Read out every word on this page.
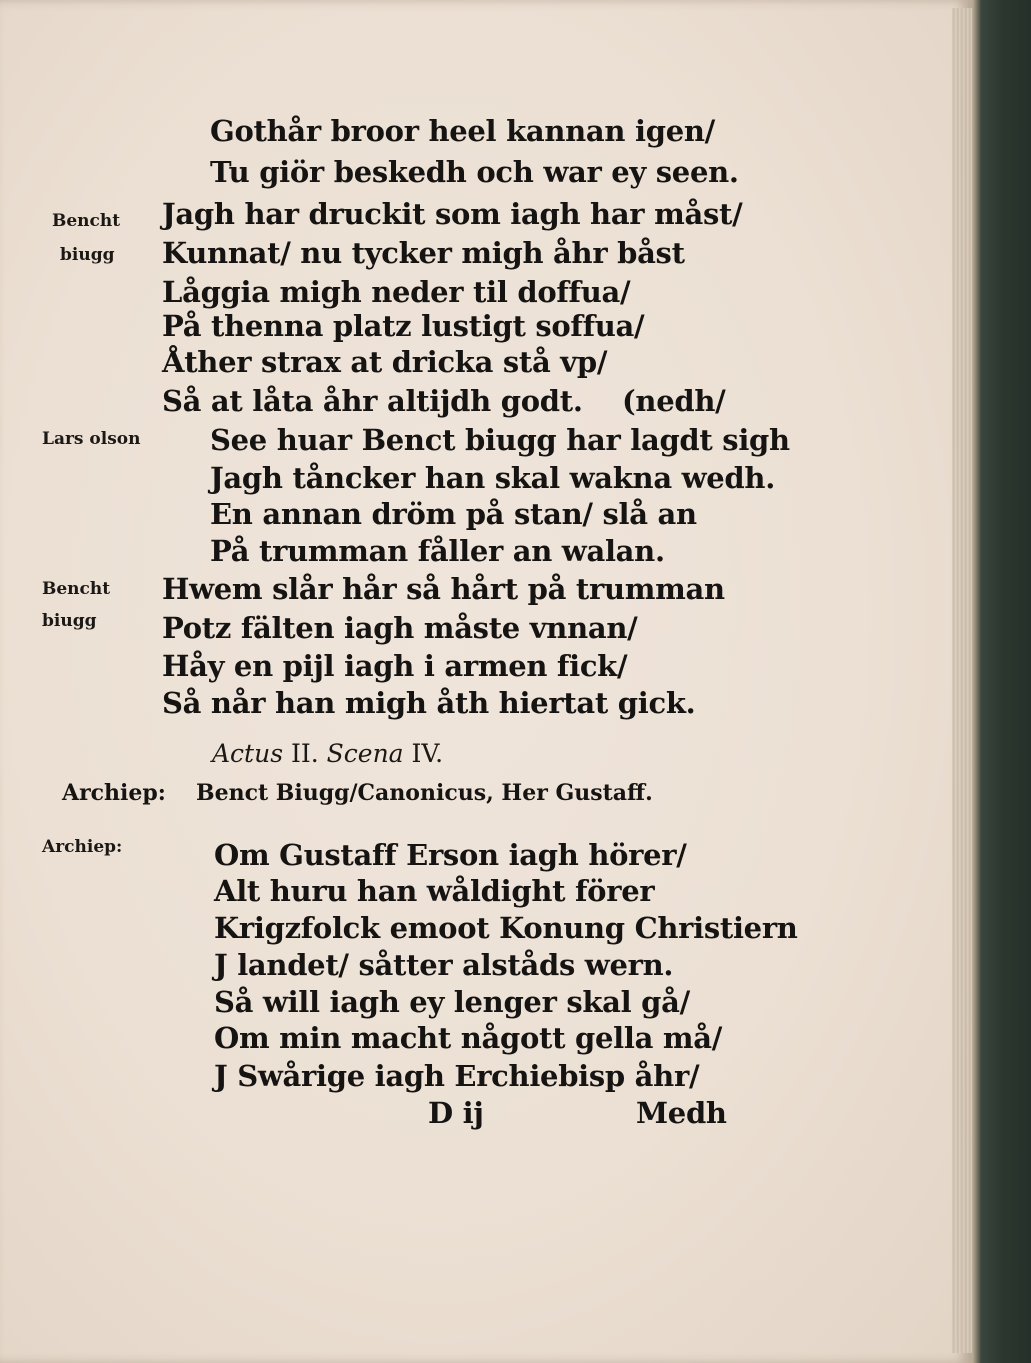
Bencht
biugg
Lars olson
Bencht
biugg
Archiep:
Gothår broor heel kannan igen/
Tu giör beskedh och war ey seen.
Jagh har druckit som iagh har måst/
Kunnat/ nu tycker migh åhr båst
Låggia migh neder til doffua/
På thenna platz lustigt soffua/
Åther strax at dricka stå vp/
Så at låta åhr altijdh godt. (nedh/
See huar Benct biugg har lagdt sigh
Jagh tåncker han skal wakna wedh.
En annan dröm på stan/ slå an
På trumman fåller an walan.
Hwem slår hår så hårt på trumman
Potz fälten iagh måste vnnan/
Håy en pijl iagh i armen fick/
Så når han migh åth hiertat gick.
Actus II. Scena IV.
Archiep: Benct Biugg/Canonicus, Her Gustaff.
Om Gustaff Erson iagh hörer/
Alt huru han wåldight förer
Krigzfolck emoot Konung Christiern
J landet/ såtter alståds wern.
Så will iagh ey lenger skal gå/
Om min macht någott gella må/
J Swårige iagh Erchiebisp åhr/
D ij	Medh
